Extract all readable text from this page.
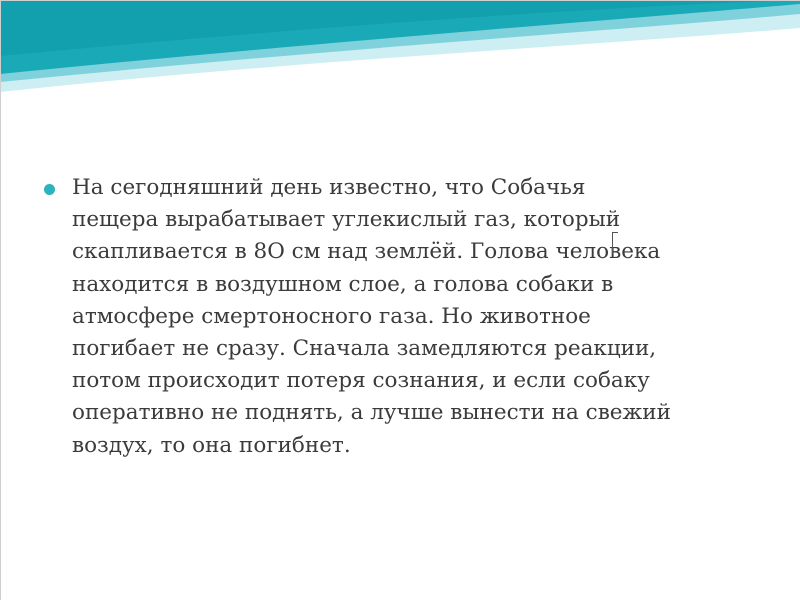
На сегодняшний день известно, что Собачья
пещера вырабатывает углекислый газ, который
скапливается в 8О см над землёй. Голова человека
находится в воздушном слое, а голова собаки в
атмосфере смертоносного газа. Но животное
погибает не сразу. Сначала замедляются реакции,
потом происходит потеря сознания, и если собаку
оперативно не поднять, а лучше вынести на свежий
воздух, то она погибнет.
